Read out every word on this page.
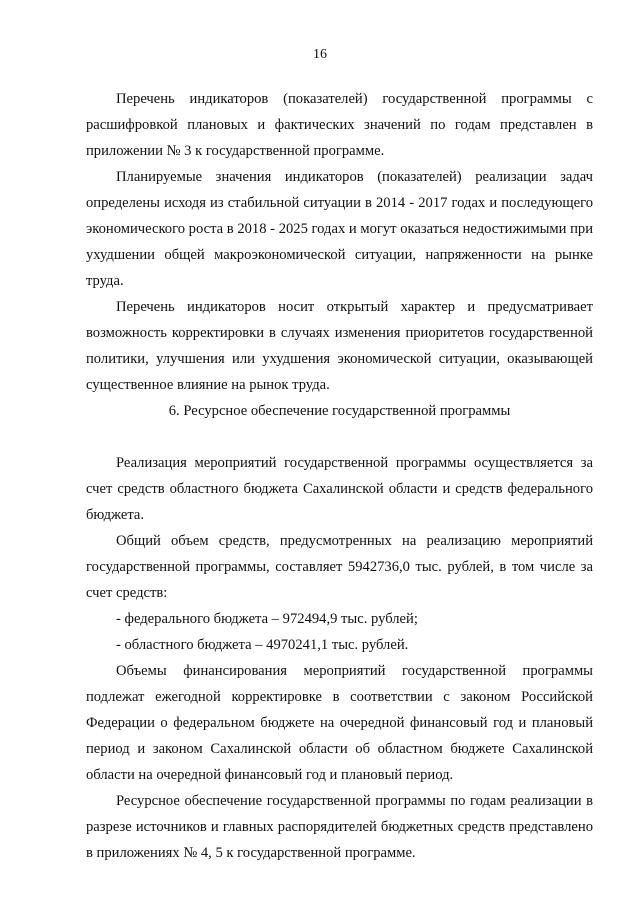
16

Перечень индикаторов (показателей) государственной программы с расшифровкой плановых и фактических значений по годам представлен в приложении № 3 к государственной программе.

Планируемые значения индикаторов (показателей) реализации задач определены исходя из стабильной ситуации в 2014 - 2017 годах и последующего экономического роста в 2018 - 2025 годах и могут оказаться недостижимыми при ухудшении общей макроэкономической ситуации, напряженности на рынке труда.

Перечень индикаторов носит открытый характер и предусматривает возможность корректировки в случаях изменения приоритетов государственной политики, улучшения или ухудшения экономической ситуации, оказывающей существенное влияние на рынок труда.

6. Ресурсное обеспечение государственной программы

Реализация мероприятий государственной программы осуществляется за счет средств областного бюджета Сахалинской области и средств федерального бюджета.

Общий объем средств, предусмотренных на реализацию мероприятий государственной программы, составляет 5942736,0 тыс. рублей, в том числе за счет средств:

- федерального бюджета – 972494,9 тыс. рублей;

- областного бюджета – 4970241,1 тыс. рублей.

Объемы финансирования мероприятий государственной программы подлежат ежегодной корректировке в соответствии с законом Российской Федерации о федеральном бюджете на очередной финансовый год и плановый период и законом Сахалинской области об областном бюджете Сахалинской области на очередной финансовый год и плановый период.

Ресурсное обеспечение государственной программы по годам реализации в разрезе источников и главных распорядителей бюджетных средств представлено в приложениях № 4, 5 к государственной программе.
